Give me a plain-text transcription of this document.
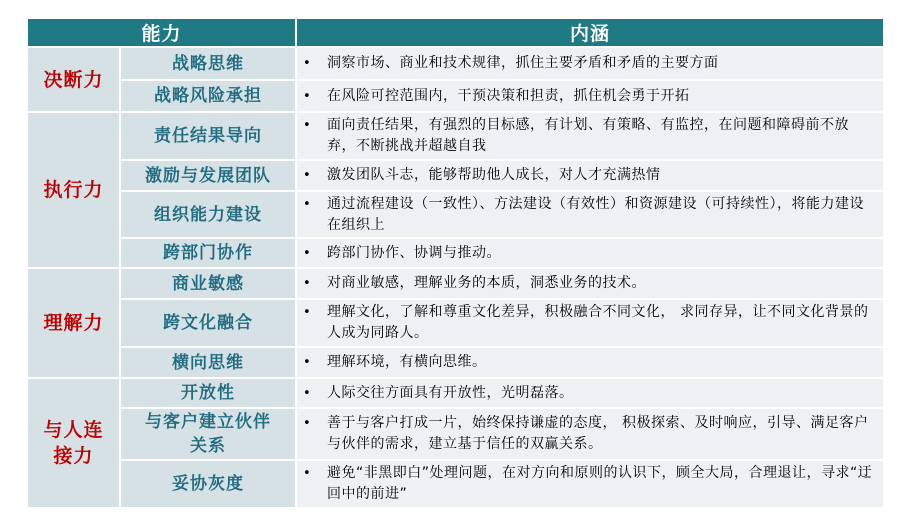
能力		内涵
决断力	战略思维	• 洞察市场、商业和技术规律，抓住主要矛盾和矛盾的主要方面

	战略风险承担	• 在风险可控范围内，干预决策和担责，抓住机会勇于开拓

执行力	责任结果导向	• 面向责任结果，有强烈的目标感，有计划、有策略、有监控，在问题和障碍前不放弃，不断挑战并超越自我

	激励与发展团队	• 激发团队斗志，能够帮助他人成长，对人才充满热情

	组织能力建设	• 通过流程建设（一致性）、方法建设（有效性）和资源建设（可持续性），将能力建设在组织上

	跨部门协作	• 跨部门协作、协调与推动。

理解力	商业敏感	• 对商业敏感，理解业务的本质，洞悉业务的技术。

	跨文化融合	• 理解文化，了解和尊重文化差异，积极融合不同文化， 求同存异，让不同文化背景的人成为同路人。

	横向思维	• 理解环境，有横向思维。

与人连接力	开放性	• 人际交往方面具有开放性，光明磊落。

	与客户建立伙伴关系	• 善于与客户打成一片，始终保持谦虚的态度， 积极探索、及时响应，引导、满足客户与伙伴的需求，建立基于信任的双赢关系。

	妥协灰度	• 避免“非黑即白”处理问题，在对方向和原则的认识下，顾全大局，合理退让，寻求“迂回中的前进”
